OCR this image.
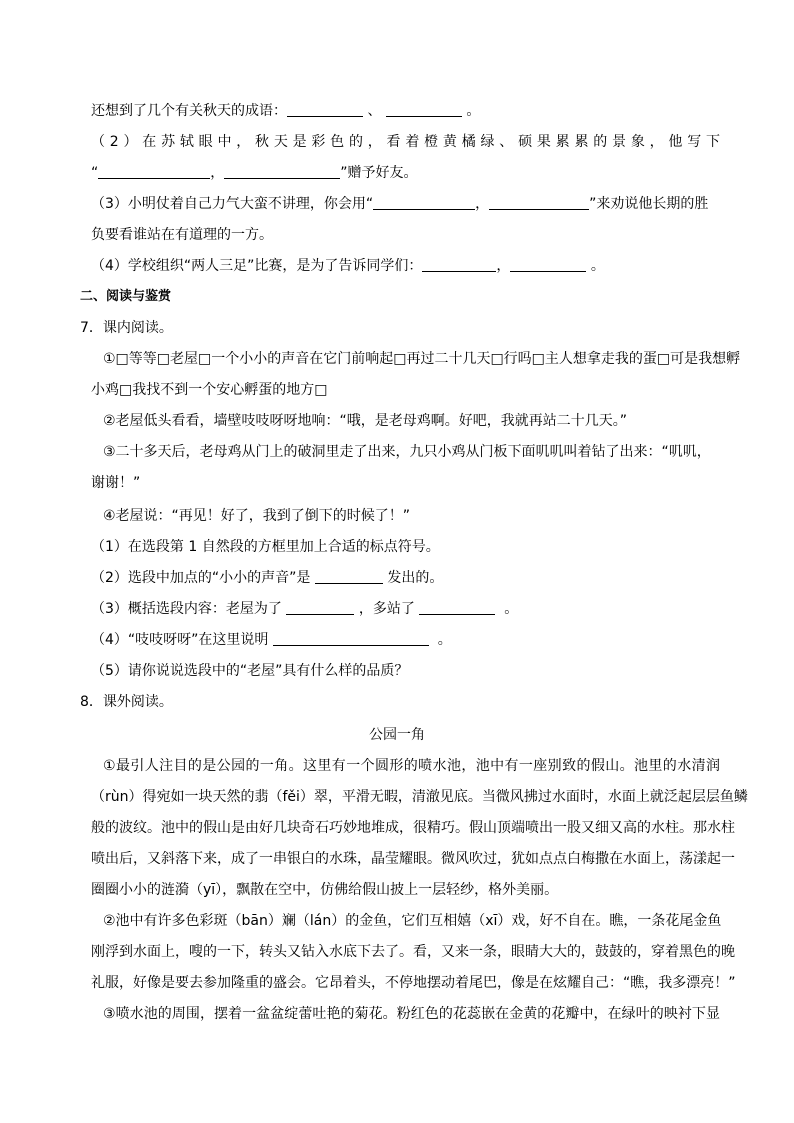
还想到了几个有关秋天的成语：	、	。
（2）在苏轼眼中，秋天是彩色的，看着橙黄橘绿、硕果累累的景象，他写下
“	，	”赠予好友。
（3）小明仗着自己力气大蛮不讲理，你会用“	，	”来劝说他长期的胜
负要看谁站在有道理的一方。
（4）学校组织“两人三足”比赛，是为了告诉同学们：	，	。
二、阅读与鉴赏
7．课内阅读。
①□等等□老屋□一个小小的声音在它门前响起□再过二十几天□行吗□主人想拿走我的蛋□可是我想孵
小鸡□我找不到一个安心孵蛋的地方□
②老屋低头看看，墙壁吱吱呀呀地响：“哦，是老母鸡啊。好吧，我就再站二十几天。”
③二十多天后，老母鸡从门上的破洞里走了出来，九只小鸡从门板下面叽叽叫着钻了出来：“叽叽，
谢谢！”
④老屋说：“再见！好了，我到了倒下的时候了！”
（1）在选段第 1 自然段的方框里加上合适的标点符号。
（2）选段中加点的“小小的声音”是	发出的。
（3）概括选段内容：老屋为了	，多站了	。
（4）“吱吱呀呀”在这里说明	。
（5）请你说说选段中的“老屋”具有什么样的品质？
8．课外阅读。
公园一角
①最引人注目的是公园的一角。这里有一个圆形的喷水池，池中有一座别致的假山。池里的水清润
（rùn）得宛如一块天然的翡（fěi）翠，平滑无暇，清澈见底。当微风拂过水面时，水面上就泛起层层鱼鳞
般的波纹。池中的假山是由好几块奇石巧妙地堆成，很精巧。假山顶端喷出一股又细又高的水柱。那水柱
喷出后，又斜落下来，成了一串银白的水珠，晶莹耀眼。微风吹过，犹如点点白梅撒在水面上，荡漾起一
圈圈小小的涟漪（yī），飘散在空中，仿佛给假山披上一层轻纱，格外美丽。
②池中有许多色彩斑（bān）斓（lán）的金鱼，它们互相嬉（xī）戏，好不自在。瞧，一条花尾金鱼
刚浮到水面上，嗖的一下，转头又钻入水底下去了。看，又来一条，眼睛大大的，鼓鼓的，穿着黑色的晚
礼服，好像是要去参加隆重的盛会。它昂着头，不停地摆动着尾巴，像是在炫耀自己：“瞧，我多漂亮！”
③喷水池的周围，摆着一盆盆绽蕾吐艳的菊花。粉红色的花蕊嵌在金黄的花瓣中，在绿叶的映衬下显
